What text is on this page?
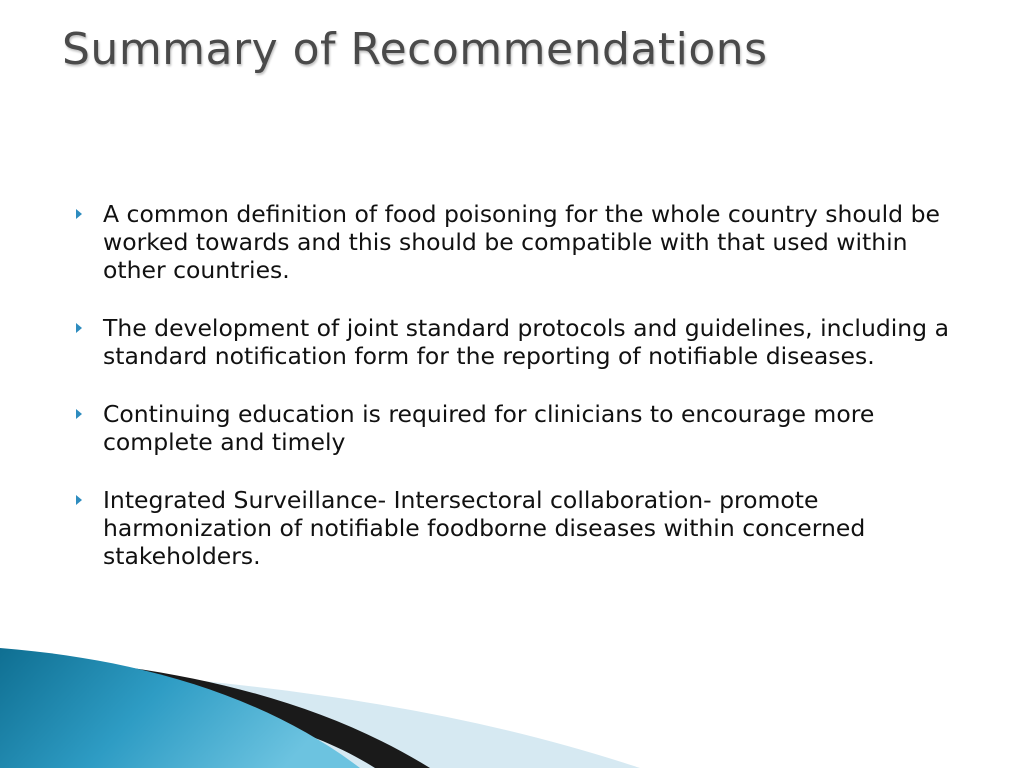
Summary of Recommendations
A common definition of food poisoning for the whole country should be worked towards and this should be compatible with that used within other countries.
The development of joint standard protocols and guidelines, including a standard notification form for the reporting of notifiable diseases.
Continuing education is required for clinicians to encourage more complete and timely
Integrated Surveillance- Intersectoral collaboration- promote harmonization of notifiable foodborne diseases within concerned stakeholders.
